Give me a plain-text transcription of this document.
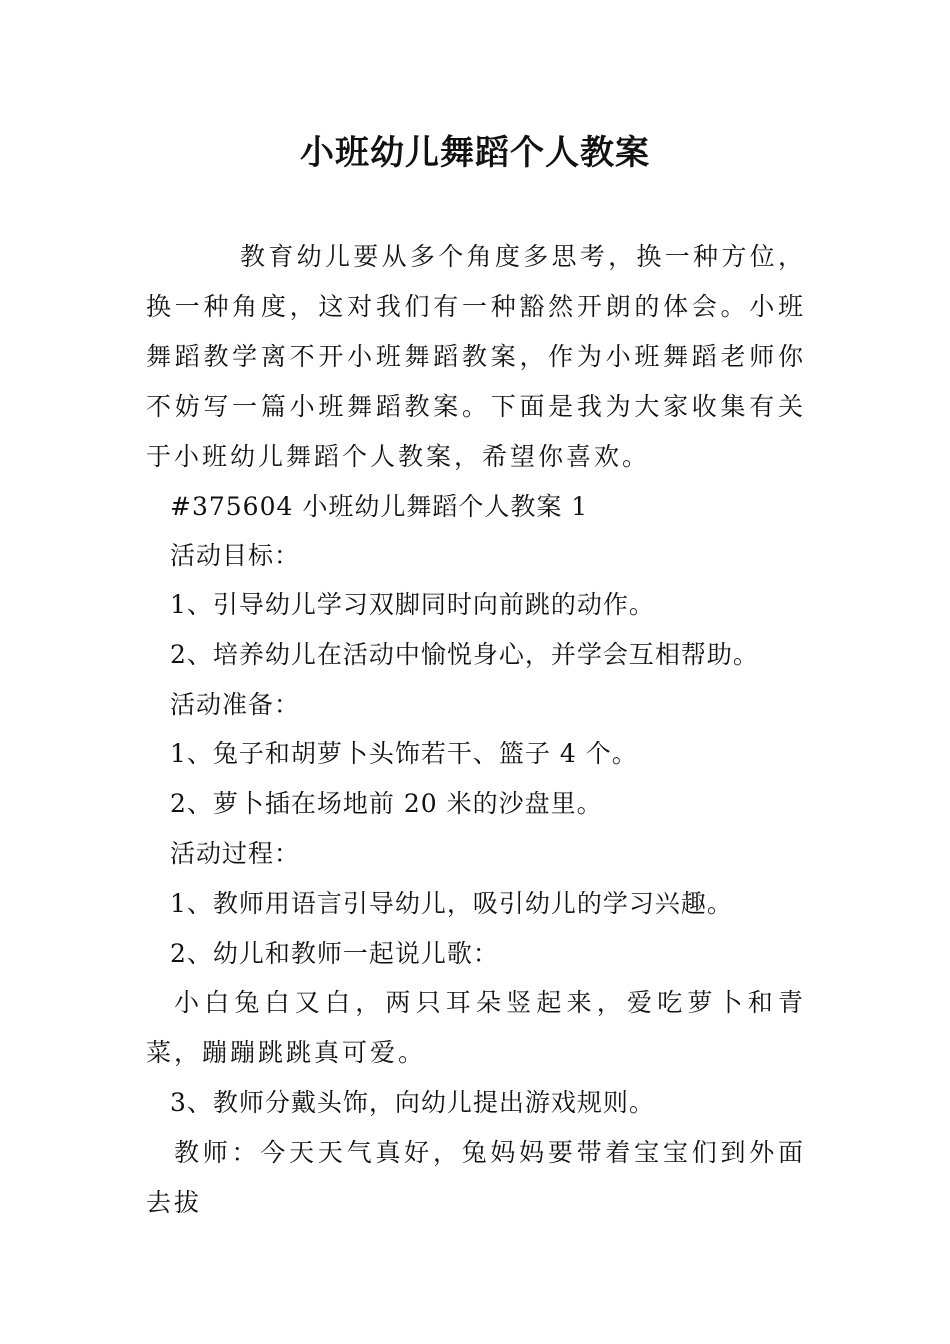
小班幼儿舞蹈个人教案

教育幼儿要从多个角度多思考，换一种方位，换一种角度，这对我们有一种豁然开朗的体会。小班舞蹈教学离不开小班舞蹈教案，作为小班舞蹈老师你不妨写一篇小班舞蹈教案。下面是我为大家收集有关于小班幼儿舞蹈个人教案，希望你喜欢。

#375604 小班幼儿舞蹈个人教案 1

活动目标：

1、引导幼儿学习双脚同时向前跳的动作。

2、培养幼儿在活动中愉悦身心，并学会互相帮助。

活动准备：

1、兔子和胡萝卜头饰若干、篮子 4 个。

2、萝卜插在场地前 20 米的沙盘里。

活动过程：

1、教师用语言引导幼儿，吸引幼儿的学习兴趣。

2、幼儿和教师一起说儿歌：

小白兔白又白，两只耳朵竖起来，爱吃萝卜和青菜，蹦蹦跳跳真可爱。

3、教师分戴头饰，向幼儿提出游戏规则。

教师：今天天气真好，兔妈妈要带着宝宝们到外面去拔
